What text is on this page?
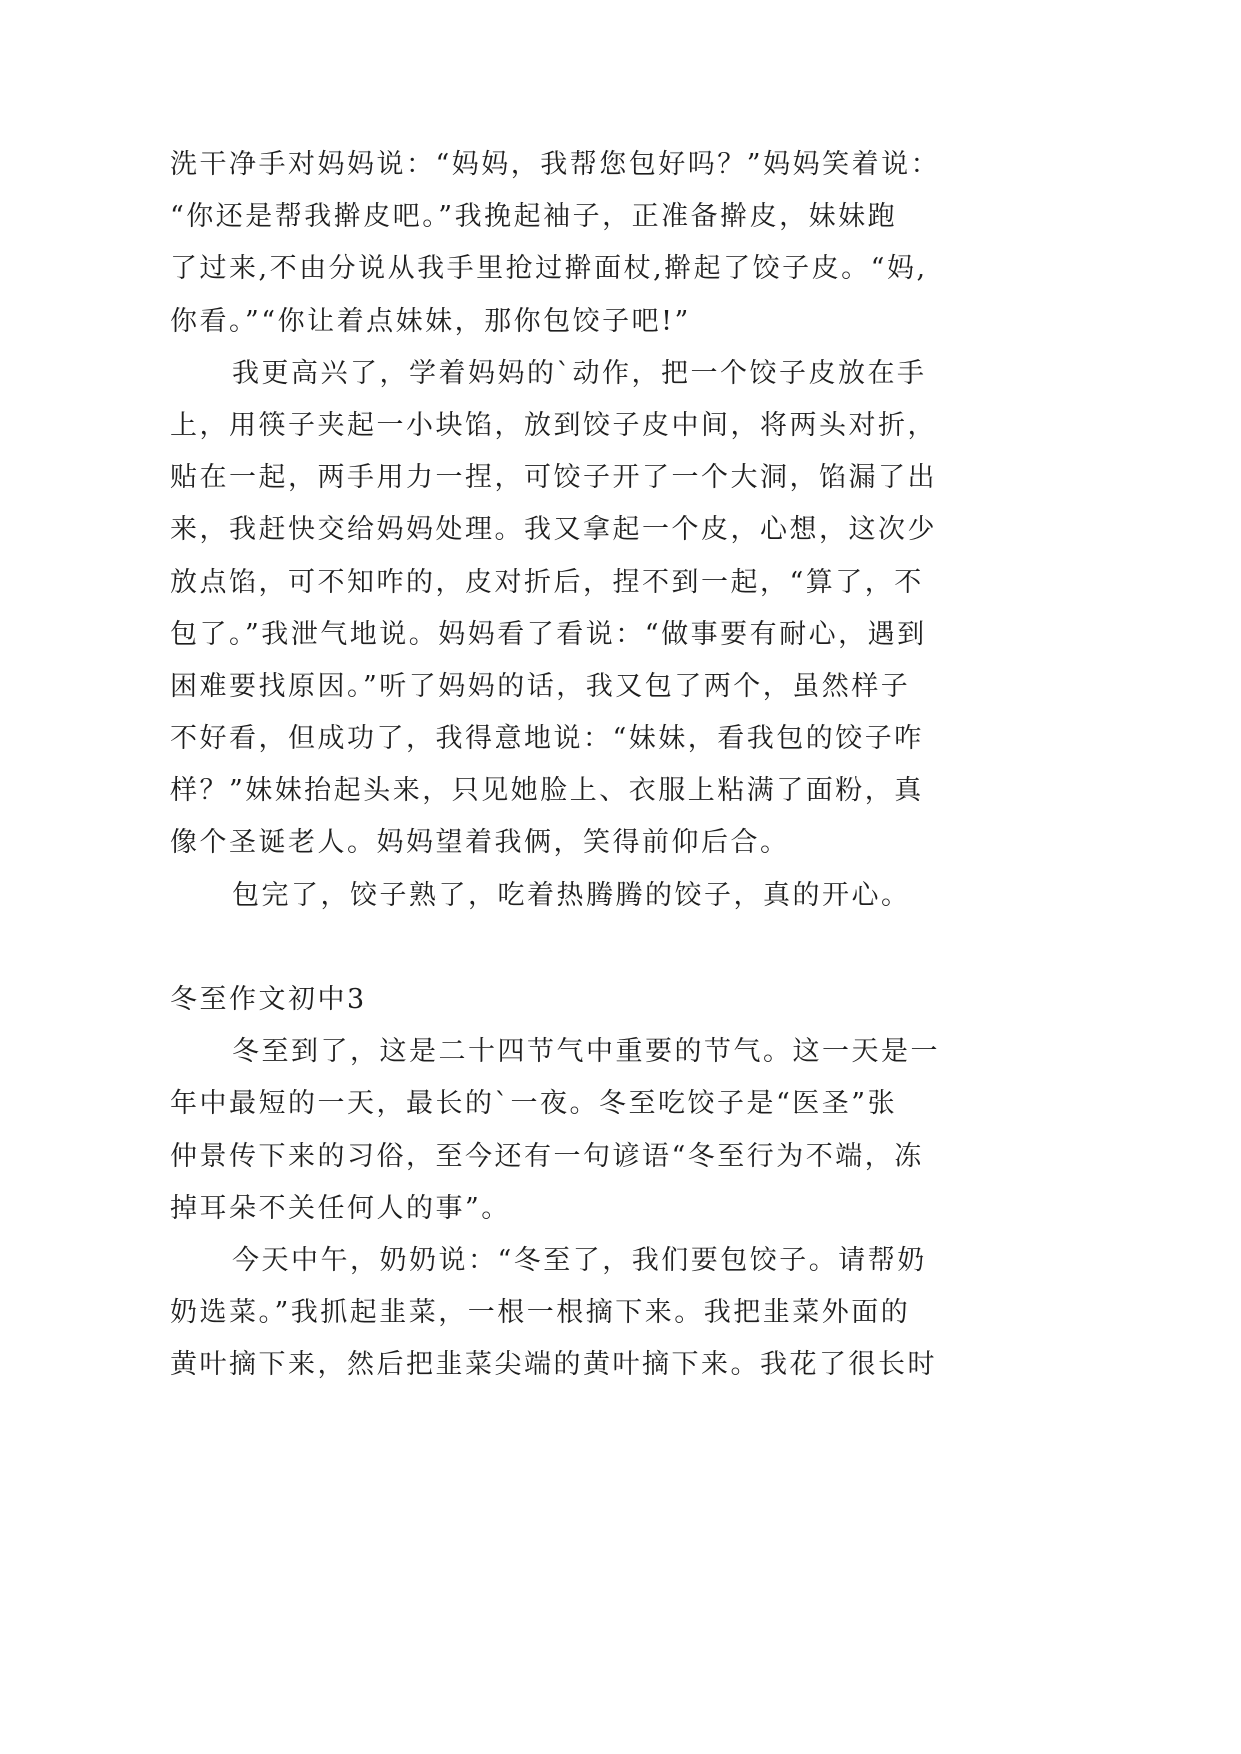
洗干净手对妈妈说：“妈妈，我帮您包好吗？”妈妈笑着说：
“你还是帮我擀皮吧。”我挽起袖子，正准备擀皮，妹妹跑
了过来,不由分说从我手里抢过擀面杖,擀起了饺子皮。“妈,
你看。”“你让着点妹妹，那你包饺子吧!”
我更高兴了，学着妈妈的`动作，把一个饺子皮放在手
上，用筷子夹起一小块馅，放到饺子皮中间，将两头对折，
贴在一起，两手用力一捏，可饺子开了一个大洞，馅漏了出
来，我赶快交给妈妈处理。我又拿起一个皮，心想，这次少
放点馅，可不知咋的，皮对折后，捏不到一起，“算了，不
包了。”我泄气地说。妈妈看了看说：“做事要有耐心，遇到
困难要找原因。”听了妈妈的话，我又包了两个，虽然样子
不好看，但成功了，我得意地说：“妹妹，看我包的饺子咋
样？”妹妹抬起头来，只见她脸上、衣服上粘满了面粉，真
像个圣诞老人。妈妈望着我俩，笑得前仰后合。
包完了，饺子熟了，吃着热腾腾的饺子，真的开心。
冬至作文初中3
冬至到了，这是二十四节气中重要的节气。这一天是一
年中最短的一天，最长的`一夜。冬至吃饺子是“医圣”张
仲景传下来的习俗，至今还有一句谚语“冬至行为不端，冻
掉耳朵不关任何人的事”。
今天中午，奶奶说：“冬至了，我们要包饺子。请帮奶
奶选菜。”我抓起韭菜，一根一根摘下来。我把韭菜外面的
黄叶摘下来，然后把韭菜尖端的黄叶摘下来。我花了很长时
